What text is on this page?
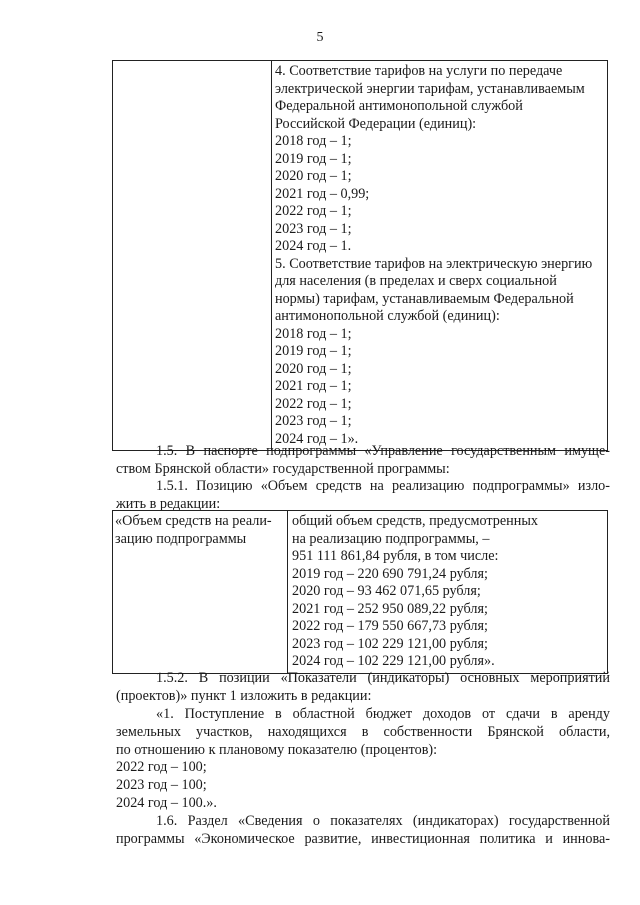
5

4. Соответствие тарифов на услуги по передаче
электрической энергии тарифам, устанавливаемым
Федеральной антимонопольной службой
Российской Федерации (единиц):
2018 год – 1;
2019 год – 1;
2020 год – 1;
2021 год – 0,99;
2022 год – 1;
2023 год – 1;
2024 год – 1.
5. Соответствие тарифов на электрическую энергию
для населения (в пределах и сверх социальной
нормы) тарифам, устанавливаемым Федеральной
антимонопольной службой (единиц):
2018 год – 1;
2019 год – 1;
2020 год – 1;
2021 год – 1;
2022 год – 1;
2023 год – 1;
2024 год – 1».
1.5. В паспорте подпрограммы «Управление государственным имуще-
ством Брянской области» государственной программы:
1.5.1. Позицию «Объем средств на реализацию подпрограммы» изло-
жить в редакции:
«Объем средств на реали-
зацию подпрограммы

общий объем средств, предусмотренных
на реализацию подпрограммы, –
951 111 861,84 рубля, в том числе:
2019 год – 220 690 791,24 рубля;
2020 год – 93 462 071,65 рубля;
2021 год – 252 950 089,22 рубля;
2022 год – 179 550 667,73 рубля;
2023 год – 102 229 121,00 рубля;
2024 год – 102 229 121,00 рубля».
1.5.2. В позиции «Показатели (индикаторы) основных мероприятий
(проектов)» пункт 1 изложить в редакции:
«1. Поступление в областной бюджет доходов от сдачи в аренду
земельных участков, находящихся в собственности Брянской области,
по отношению к плановому показателю (процентов):
2022 год – 100;
2023 год – 100;
2024 год – 100.».
1.6. Раздел «Сведения о показателях (индикаторах) государственной
программы «Экономическое развитие, инвестиционная политика и иннова-
